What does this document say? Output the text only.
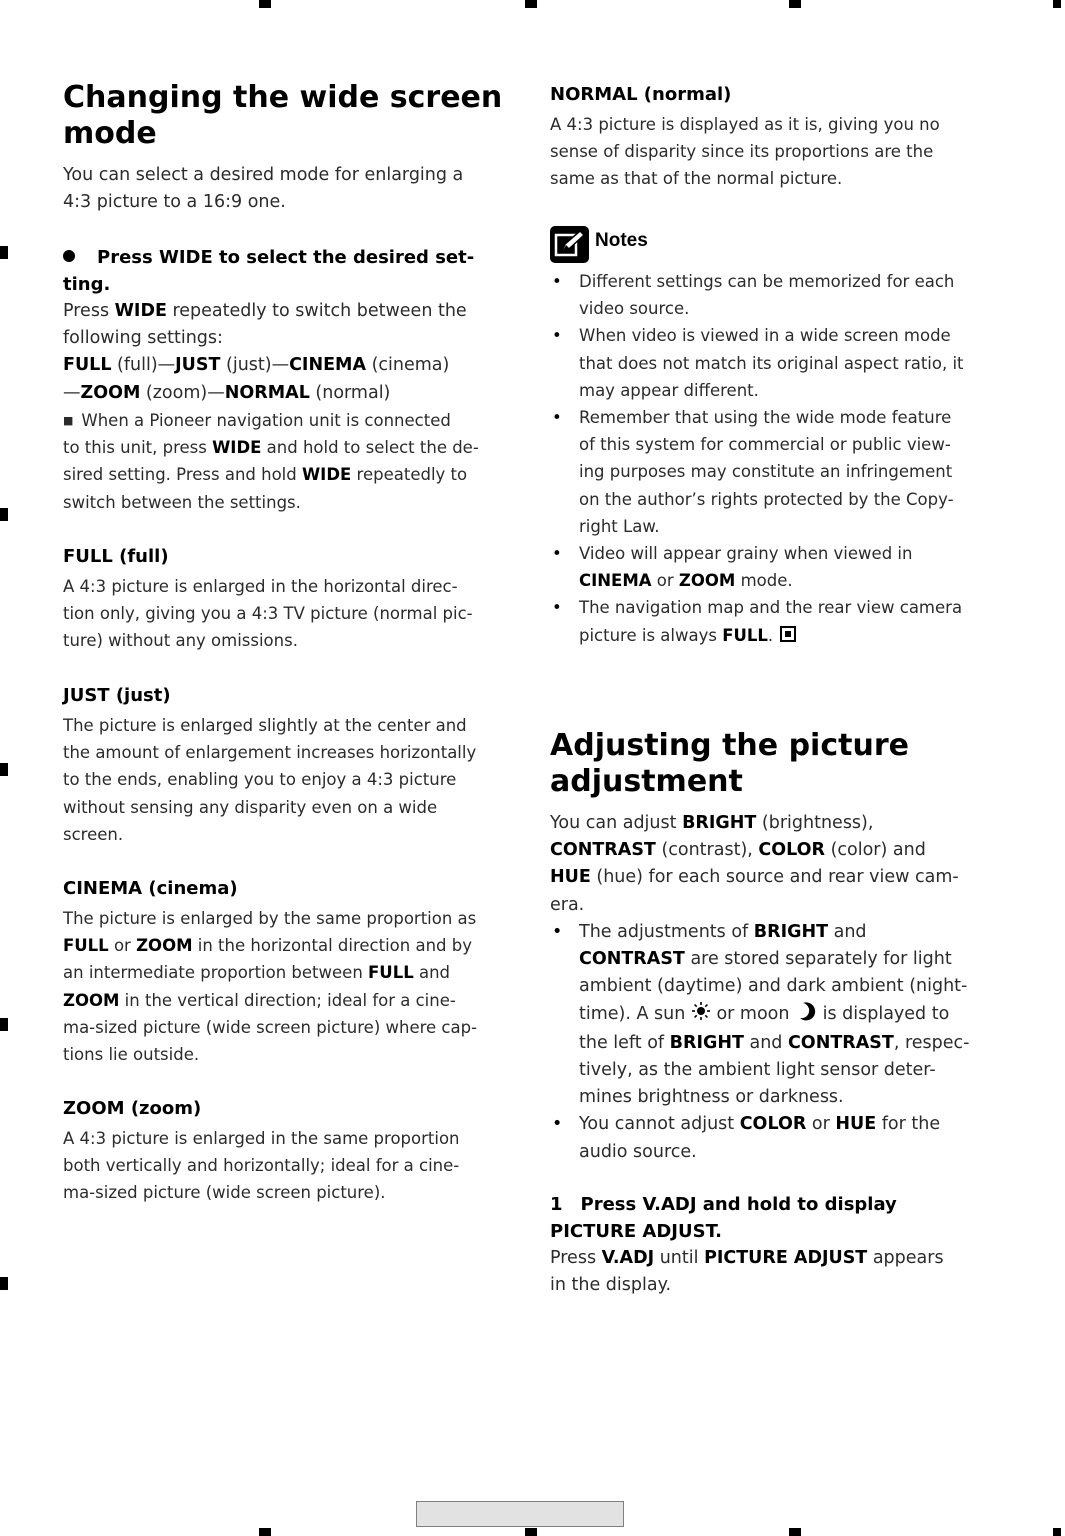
Changing the wide screen
mode

You can select a desired mode for enlarging a
4:3 picture to a 16:9 one.

Press WIDE to select the desired set-
ting.

Press WIDE repeatedly to switch between the
following settings:
FULL (full)—JUST (just)—CINEMA (cinema)
—ZOOM (zoom)—NORMAL (normal)

■ When a Pioneer navigation unit is connected
to this unit, press WIDE and hold to select the de-
sired setting. Press and hold WIDE repeatedly to
switch between the settings.

FULL (full)

A 4:3 picture is enlarged in the horizontal direc-
tion only, giving you a 4:3 TV picture (normal pic-
ture) without any omissions.

JUST (just)

The picture is enlarged slightly at the center and
the amount of enlargement increases horizontally
to the ends, enabling you to enjoy a 4:3 picture
without sensing any disparity even on a wide
screen.

CINEMA (cinema)

The picture is enlarged by the same proportion as
FULL or ZOOM in the horizontal direction and by
an intermediate proportion between FULL and
ZOOM in the vertical direction; ideal for a cine-
ma-sized picture (wide screen picture) where cap-
tions lie outside.

ZOOM (zoom)

A 4:3 picture is enlarged in the same proportion
both vertically and horizontally; ideal for a cine-
ma-sized picture (wide screen picture).

NORMAL (normal)

A 4:3 picture is displayed as it is, giving you no
sense of disparity since its proportions are the
same as that of the normal picture.

Notes
• Different settings can be memorized for each
video source.
• When video is viewed in a wide screen mode
that does not match its original aspect ratio, it
may appear different.
• Remember that using the wide mode feature
of this system for commercial or public view-
ing purposes may constitute an infringement
on the author’s rights protected by the Copy-
right Law.
• Video will appear grainy when viewed in
CINEMA or ZOOM mode.
• The navigation map and the rear view camera
picture is always FULL.
Adjusting the picture
adjustment

You can adjust BRIGHT (brightness),
CONTRAST (contrast), COLOR (color) and
HUE (hue) for each source and rear view cam-
era.

• The adjustments of BRIGHT and
CONTRAST are stored separately for light
ambient (daytime) and dark ambient (night-
time). A sun  or moon  is displayed to
the left of BRIGHT and CONTRAST, respec-
tively, as the ambient light sensor deter-
mines brightness or darkness.
• You cannot adjust COLOR or HUE for the
audio source.

1 Press V.ADJ and hold to display
PICTURE ADJUST.

Press V.ADJ until PICTURE ADJUST appears
in the display.
